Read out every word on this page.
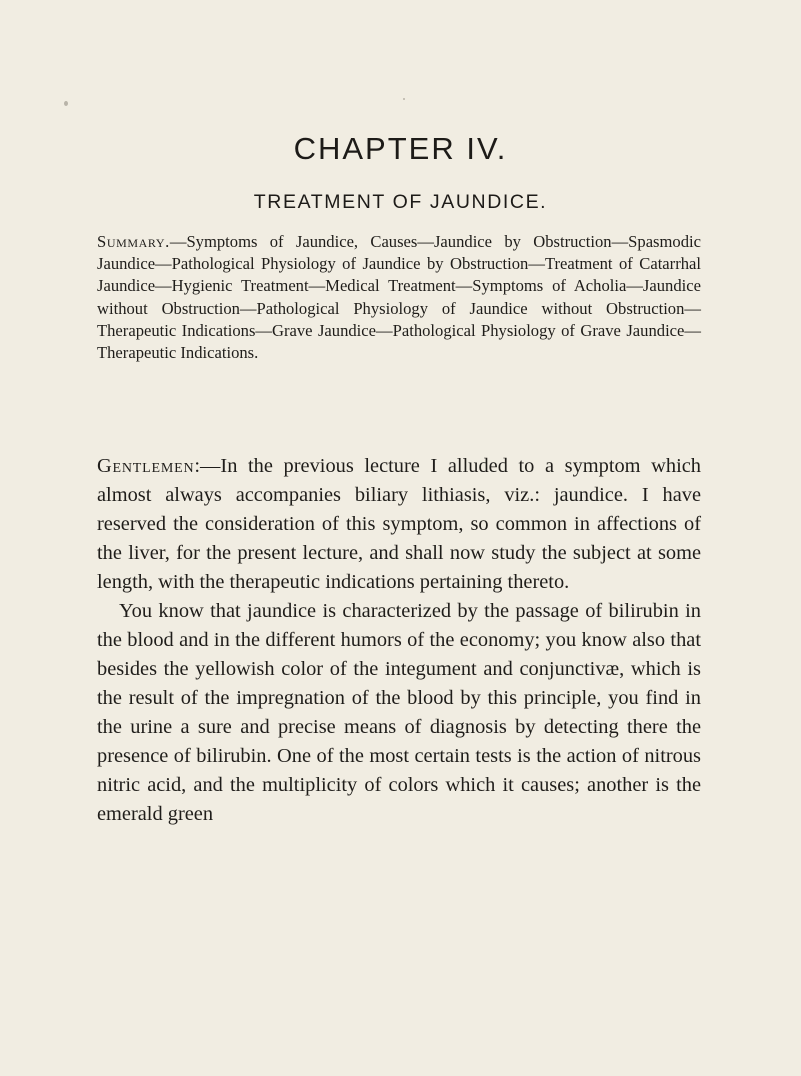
CHAPTER IV.
TREATMENT OF JAUNDICE.
Summary.—Symptoms of Jaundice, Causes—Jaundice by Obstruction—Spasmodic Jaundice—Pathological Physiology of Jaundice by Obstruction—Treatment of Catarrhal Jaundice—Hygienic Treatment—Medical Treatment—Symptoms of Acholia—Jaundice without Obstruction—Pathological Physiology of Jaundice without Obstruction—Therapeutic Indications—Grave Jaundice—Pathological Physiology of Grave Jaundice—Therapeutic Indications.

Gentlemen:—In the previous lecture I alluded to a symptom which almost always accompanies biliary lithiasis, viz.: jaundice. I have reserved the consideration of this symptom, so common in affections of the liver, for the present lecture, and shall now study the subject at some length, with the therapeutic indications pertaining thereto.

You know that jaundice is characterized by the passage of bilirubin in the blood and in the different humors of the economy; you know also that besides the yellowish color of the integument and conjunctivæ, which is the result of the impregnation of the blood by this principle, you find in the urine a sure and precise means of diagnosis by detecting there the presence of bilirubin. One of the most certain tests is the action of nitrous nitric acid, and the multiplicity of colors which it causes; another is the emerald green
